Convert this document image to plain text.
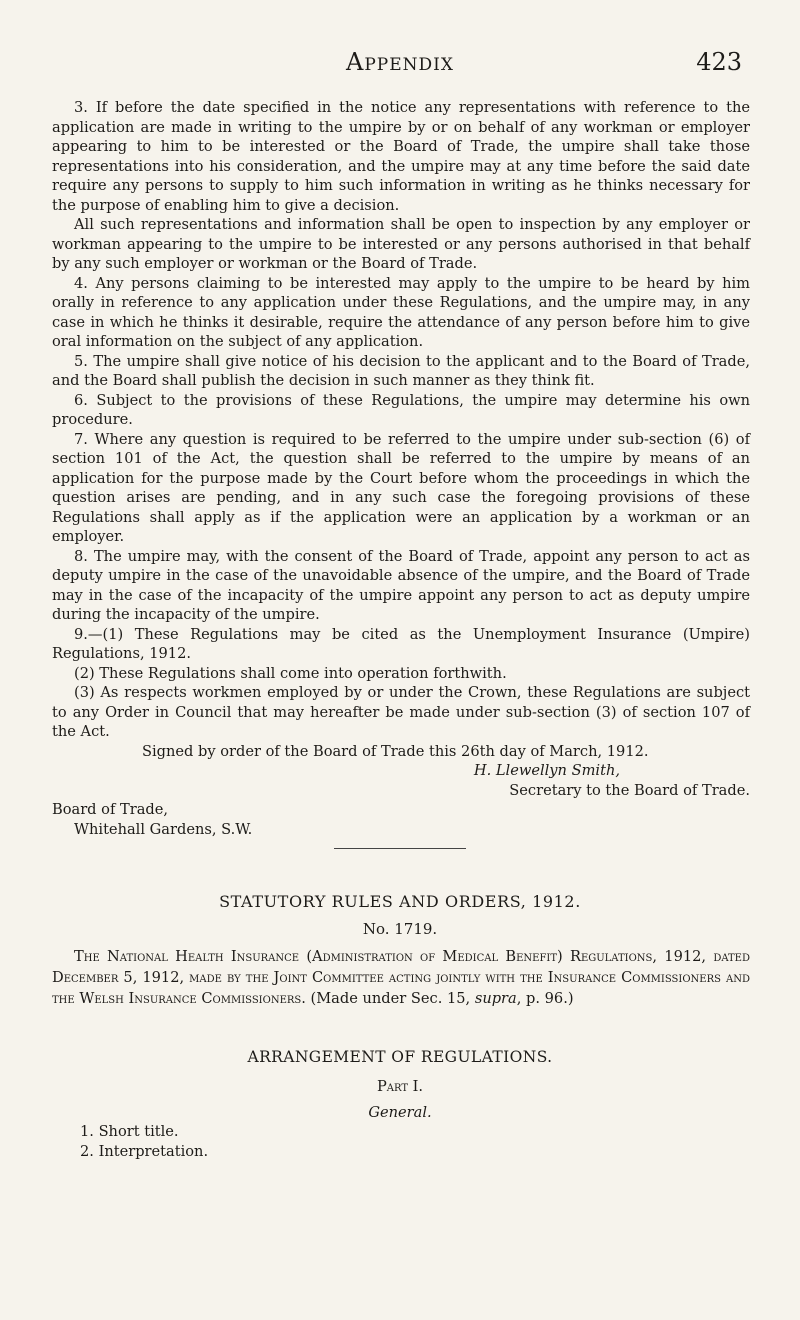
Appendix	423

3. If before the date specified in the notice any representations with reference to the application are made in writing to the umpire by or on behalf of any workman or employer appearing to him to be interested or the Board of Trade, the umpire shall take those representations into his consideration, and the umpire may at any time before the said date require any persons to supply to him such information in writing as he thinks necessary for the purpose of enabling him to give a decision.

All such representations and information shall be open to inspection by any employer or workman appearing to the umpire to be interested or any persons authorised in that behalf by any such employer or workman or the Board of Trade.

4. Any persons claiming to be interested may apply to the umpire to be heard by him orally in reference to any application under these Regulations, and the umpire may, in any case in which he thinks it desirable, require the attendance of any person before him to give oral information on the subject of any application.

5. The umpire shall give notice of his decision to the applicant and to the Board of Trade, and the Board shall publish the decision in such manner as they think fit.

6. Subject to the provisions of these Regulations, the umpire may determine his own procedure.

7. Where any question is required to be referred to the umpire under sub-section (6) of section 101 of the Act, the question shall be referred to the umpire by means of an application for the purpose made by the Court before whom the proceedings in which the question arises are pending, and in any such case the foregoing provisions of these Regulations shall apply as if the application were an application by a workman or an employer.

8. The umpire may, with the consent of the Board of Trade, appoint any person to act as deputy umpire in the case of the unavoidable absence of the umpire, and the Board of Trade may in the case of the incapacity of the umpire appoint any person to act as deputy umpire during the incapacity of the umpire.

9.—(1) These Regulations may be cited as the Unemployment Insurance (Umpire) Regulations, 1912.

(2) These Regulations shall come into operation forthwith.

(3) As respects workmen employed by or under the Crown, these Regulations are subject to any Order in Council that may hereafter be made under sub-section (3) of section 107 of the Act.

Signed by order of the Board of Trade this 26th day of March, 1912.

H. Llewellyn Smith,
Secretary to the Board of Trade.

Board of Trade,

Whitehall Gardens, S.W.

STATUTORY RULES AND ORDERS, 1912.
No. 1719.
The National Health Insurance (Administration of Medical Benefit) Regulations, 1912, dated December 5, 1912, made by the Joint Committee acting jointly with the Insurance Commissioners and the Welsh Insurance Commissioners. (Made under Sec. 15, supra, p. 96.)
ARRANGEMENT OF REGULATIONS.
Part I.
General.
1. Short title.
2. Interpretation.
